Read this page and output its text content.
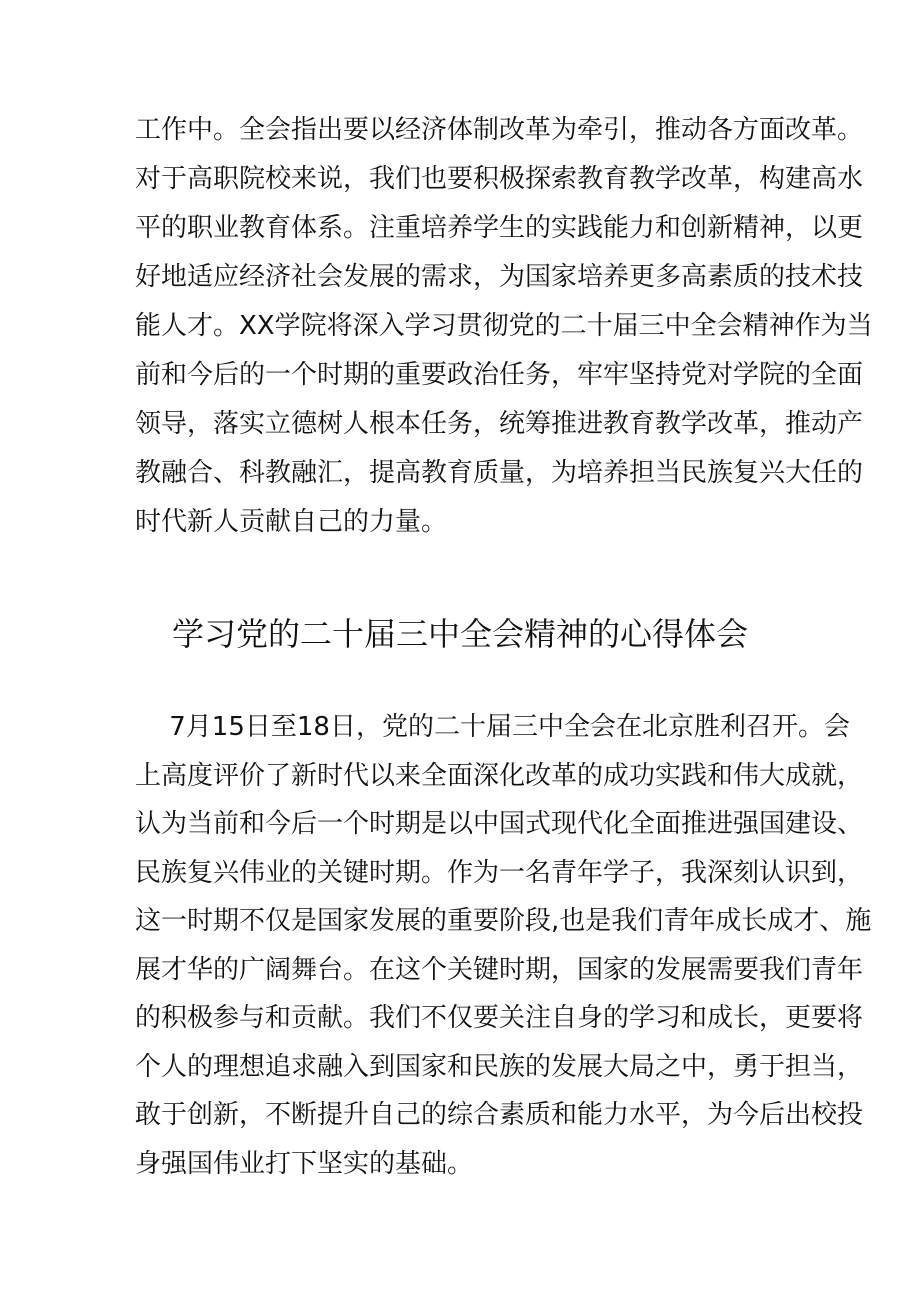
工作中。全会指出要以经济体制改革为牵引，推动各方面改革。
对于高职院校来说，我们也要积极探索教育教学改革，构建高水
平的职业教育体系。注重培养学生的实践能力和创新精神，以更
好地适应经济社会发展的需求，为国家培养更多高素质的技术技
能人才。XX学院将深入学习贯彻党的二十届三中全会精神作为当
前和今后的一个时期的重要政治任务，牢牢坚持党对学院的全面
领导，落实立德树人根本任务，统筹推进教育教学改革，推动产
教融合、科教融汇，提高教育质量，为培养担当民族复兴大任的
时代新人贡献自己的力量。
学习党的二十届三中全会精神的心得体会
　 7月15日至18日，党的二十届三中全会在北京胜利召开。会
上高度评价了新时代以来全面深化改革的成功实践和伟大成就，
认为当前和今后一个时期是以中国式现代化全面推进强国建设、
民族复兴伟业的关键时期。作为一名青年学子，我深刻认识到，
这一时期不仅是国家发展的重要阶段,也是我们青年成长成才、施
展才华的广阔舞台。在这个关键时期，国家的发展需要我们青年
的积极参与和贡献。我们不仅要关注自身的学习和成长，更要将
个人的理想追求融入到国家和民族的发展大局之中，勇于担当，
敢于创新，不断提升自己的综合素质和能力水平，为今后出校投
身强国伟业打下坚实的基础。
